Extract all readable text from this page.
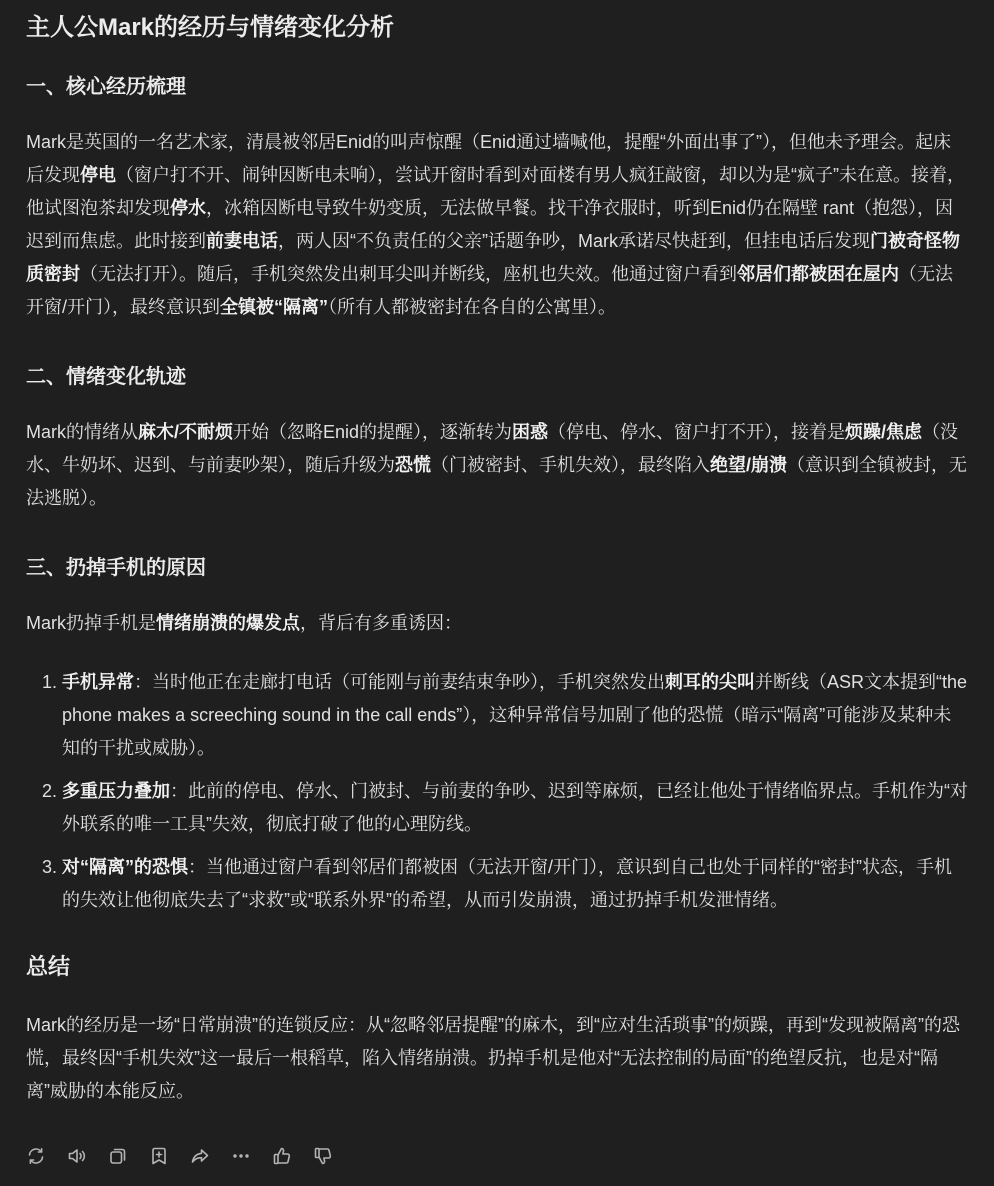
主人公Mark的经历与情绪变化分析
一、核心经历梳理

Mark是英国的一名艺术家，清晨被邻居Enid的叫声惊醒（Enid通过墙喊他，提醒“外面出事了”），但他未予理会。起床后发现停电（窗户打不开、闹钟因断电未响），尝试开窗时看到对面楼有男人疯狂敲窗，却以为是“疯子”未在意。接着，他试图泡茶却发现停水，冰箱因断电导致牛奶变质，无法做早餐。找干净衣服时，听到Enid仍在隔壁 rant（抱怨），因迟到而焦虑。此时接到前妻电话，两人因“不负责任的父亲”话题争吵，Mark承诺尽快赶到，但挂电话后发现门被奇怪物质密封（无法打开）。随后，手机突然发出刺耳尖叫并断线，座机也失效。他通过窗户看到邻居们都被困在屋内（无法开窗/开门），最终意识到全镇被“隔离”（所有人都被密封在各自的公寓里）。

二、情绪变化轨迹

Mark的情绪从麻木/不耐烦开始（忽略Enid的提醒），逐渐转为困惑（停电、停水、窗户打不开），接着是烦躁/焦虑（没水、牛奶坏、迟到、与前妻吵架），随后升级为恐慌（门被密封、手机失效），最终陷入绝望/崩溃（意识到全镇被封，无法逃脱）。

三、扔掉手机的原因

Mark扔掉手机是情绪崩溃的爆发点，背后有多重诱因：

1. 手机异常：当时他正在走廊打电话（可能刚与前妻结束争吵），手机突然发出刺耳的尖叫并断线（ASR文本提到“the phone makes a screeching sound in the call ends”），这种异常信号加剧了他的恐慌（暗示“隔离”可能涉及某种未知的干扰或威胁）。
2. 多重压力叠加：此前的停电、停水、门被封、与前妻的争吵、迟到等麻烦，已经让他处于情绪临界点。手机作为“对外联系的唯一工具”失效，彻底打破了他的心理防线。
3. 对“隔离”的恐惧：当他通过窗户看到邻居们都被困（无法开窗/开门），意识到自己也处于同样的“密封”状态，手机的失效让他彻底失去了“求救”或“联系外界”的希望，从而引发崩溃，通过扔掉手机发泄情绪。
总结

Mark的经历是一场“日常崩溃”的连锁反应：从“忽略邻居提醒”的麻木，到“应对生活琐事”的烦躁，再到“发现被隔离”的恐慌，最终因“手机失效”这一最后一根稻草，陷入情绪崩溃。扔掉手机是他对“无法控制的局面”的绝望反抗，也是对“隔离”威胁的本能反应。
